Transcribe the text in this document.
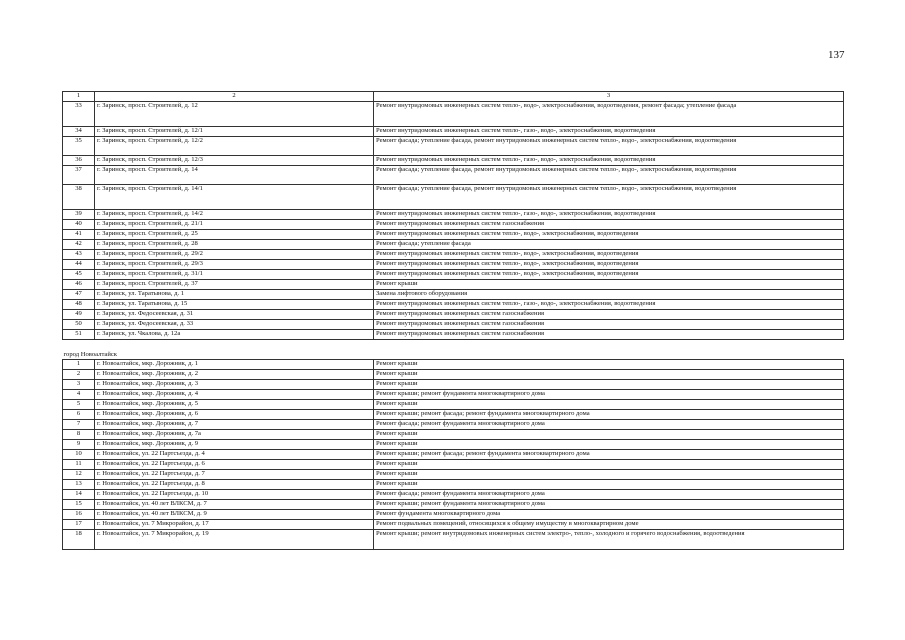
137
1	2	3
33	г. Заринск, просп. Строителей, д. 12	Ремонт внутридомовых инженерных систем тепло-, водо-, электроснабжения, водоотведения, ремонт фасада; утепление фасада
34	г. Заринск, просп. Строителей, д. 12/1	Ремонт внутридомовых инженерных систем тепло-, газо-, водо-, электроснабжения, водоотведения
35	г. Заринск, просп. Строителей, д. 12/2	Ремонт фасада; утепление фасада, ремонт внутридомовых инженерных систем тепло-, водо-, электроснабжения, водоотведения
36	г. Заринск, просп. Строителей, д. 12/3	Ремонт внутридомовых инженерных систем тепло-, газо-, водо-, электроснабжения, водоотведения
37	г. Заринск, просп. Строителей, д. 14	Ремонт фасада; утепление фасада, ремонт внутридомовых инженерных систем тепло-, водо-, электроснабжения, водоотведения
38	г. Заринск, просп. Строителей, д. 14/1	Ремонт фасада; утепление фасада, ремонт внутридомовых инженерных систем тепло-, водо-, электроснабжения, водоотведения
39	г. Заринск, просп. Строителей, д. 14/2	Ремонт внутридомовых инженерных систем тепло-, газо-, водо-, электроснабжения, водоотведения
40	г. Заринск, просп. Строителей, д. 21/1	Ремонт внутридомовых инженерных систем газоснабжения
41	г. Заринск, просп. Строителей, д. 25	Ремонт внутридомовых инженерных систем тепло-, водо-, электроснабжения, водоотведения
42	г. Заринск, просп. Строителей, д. 28	Ремонт фасада; утепление фасада
43	г. Заринск, просп. Строителей, д. 29/2	Ремонт внутридомовых инженерных систем тепло-, водо-, электроснабжения, водоотведения
44	г. Заринск, просп. Строителей, д. 29/3	Ремонт внутридомовых инженерных систем тепло-, водо-, электроснабжения, водоотведения
45	г. Заринск, просп. Строителей, д. 31/1	Ремонт внутридомовых инженерных систем тепло-, водо-, электроснабжения, водоотведения
46	г. Заринск, просп. Строителей, д. 37	Ремонт крыши
47	г. Заринск, ул. Таратынова, д. 1	Замена лифтового оборудования
48	г. Заринск, ул. Таратынова, д. 15	Ремонт внутридомовых инженерных систем тепло-, газо-, водо-, электроснабжения, водоотведения
49	г. Заринск, ул. Федосеевская, д. 31	Ремонт внутридомовых инженерных систем газоснабжения
50	г. Заринск, ул. Федосеевская, д. 33	Ремонт внутридомовых инженерных систем газоснабжения
51	г. Заринск, ул. Чкалова, д. 12а	Ремонт внутридомовых инженерных систем газоснабжения

город Новоалтайск		
1	г. Новоалтайск, мкр. Дорожник, д. 1	Ремонт крыши
2	г. Новоалтайск, мкр. Дорожник, д. 2	Ремонт крыши
3	г. Новоалтайск, мкр. Дорожник, д. 3	Ремонт крыши
4	г. Новоалтайск, мкр. Дорожник, д. 4	Ремонт крыши; ремонт фундамента многоквартирного дома
5	г. Новоалтайск, мкр. Дорожник, д. 5	Ремонт крыши
6	г. Новоалтайск, мкр. Дорожник, д. 6	Ремонт крыши; ремонт фасада; ремонт фундамента многоквартирного дома
7	г. Новоалтайск, мкр. Дорожник, д. 7	Ремонт фасада; ремонт фундамента многоквартирного дома
8	г. Новоалтайск, мкр. Дорожник, д. 7а	Ремонт крыши
9	г. Новоалтайск, мкр. Дорожник, д. 9	Ремонт крыши
10	г. Новоалтайск, ул. 22 Партсъезда, д. 4	Ремонт крыши; ремонт фасада; ремонт фундамента многоквартирного дома
11	г. Новоалтайск, ул. 22 Партсъезда, д. 6	Ремонт крыши
12	г. Новоалтайск, ул. 22 Партсъезда, д. 7	Ремонт крыши
13	г. Новоалтайск, ул. 22 Партсъезда, д. 8	Ремонт крыши
14	г. Новоалтайск, ул. 22 Партсъезда, д. 10	Ремонт фасада; ремонт фундамента многоквартирного дома
15	г. Новоалтайск, ул. 40 лет ВЛКСМ, д. 7	Ремонт крыши; ремонт фундамента многоквартирного дома
16	г. Новоалтайск, ул. 40 лет ВЛКСМ, д. 9	Ремонт фундамента многоквартирного дома
17	г. Новоалтайск, ул. 7 Микрорайон, д. 17	Ремонт подвальных помещений, относящихся к общему имуществу в многоквартирном доме
18	г. Новоалтайск, ул. 7 Микрорайон, д. 19	Ремонт крыши; ремонт внутридомовых инженерных систем электро-, тепло-, холодного и горячего водоснабжения, водоотведения
